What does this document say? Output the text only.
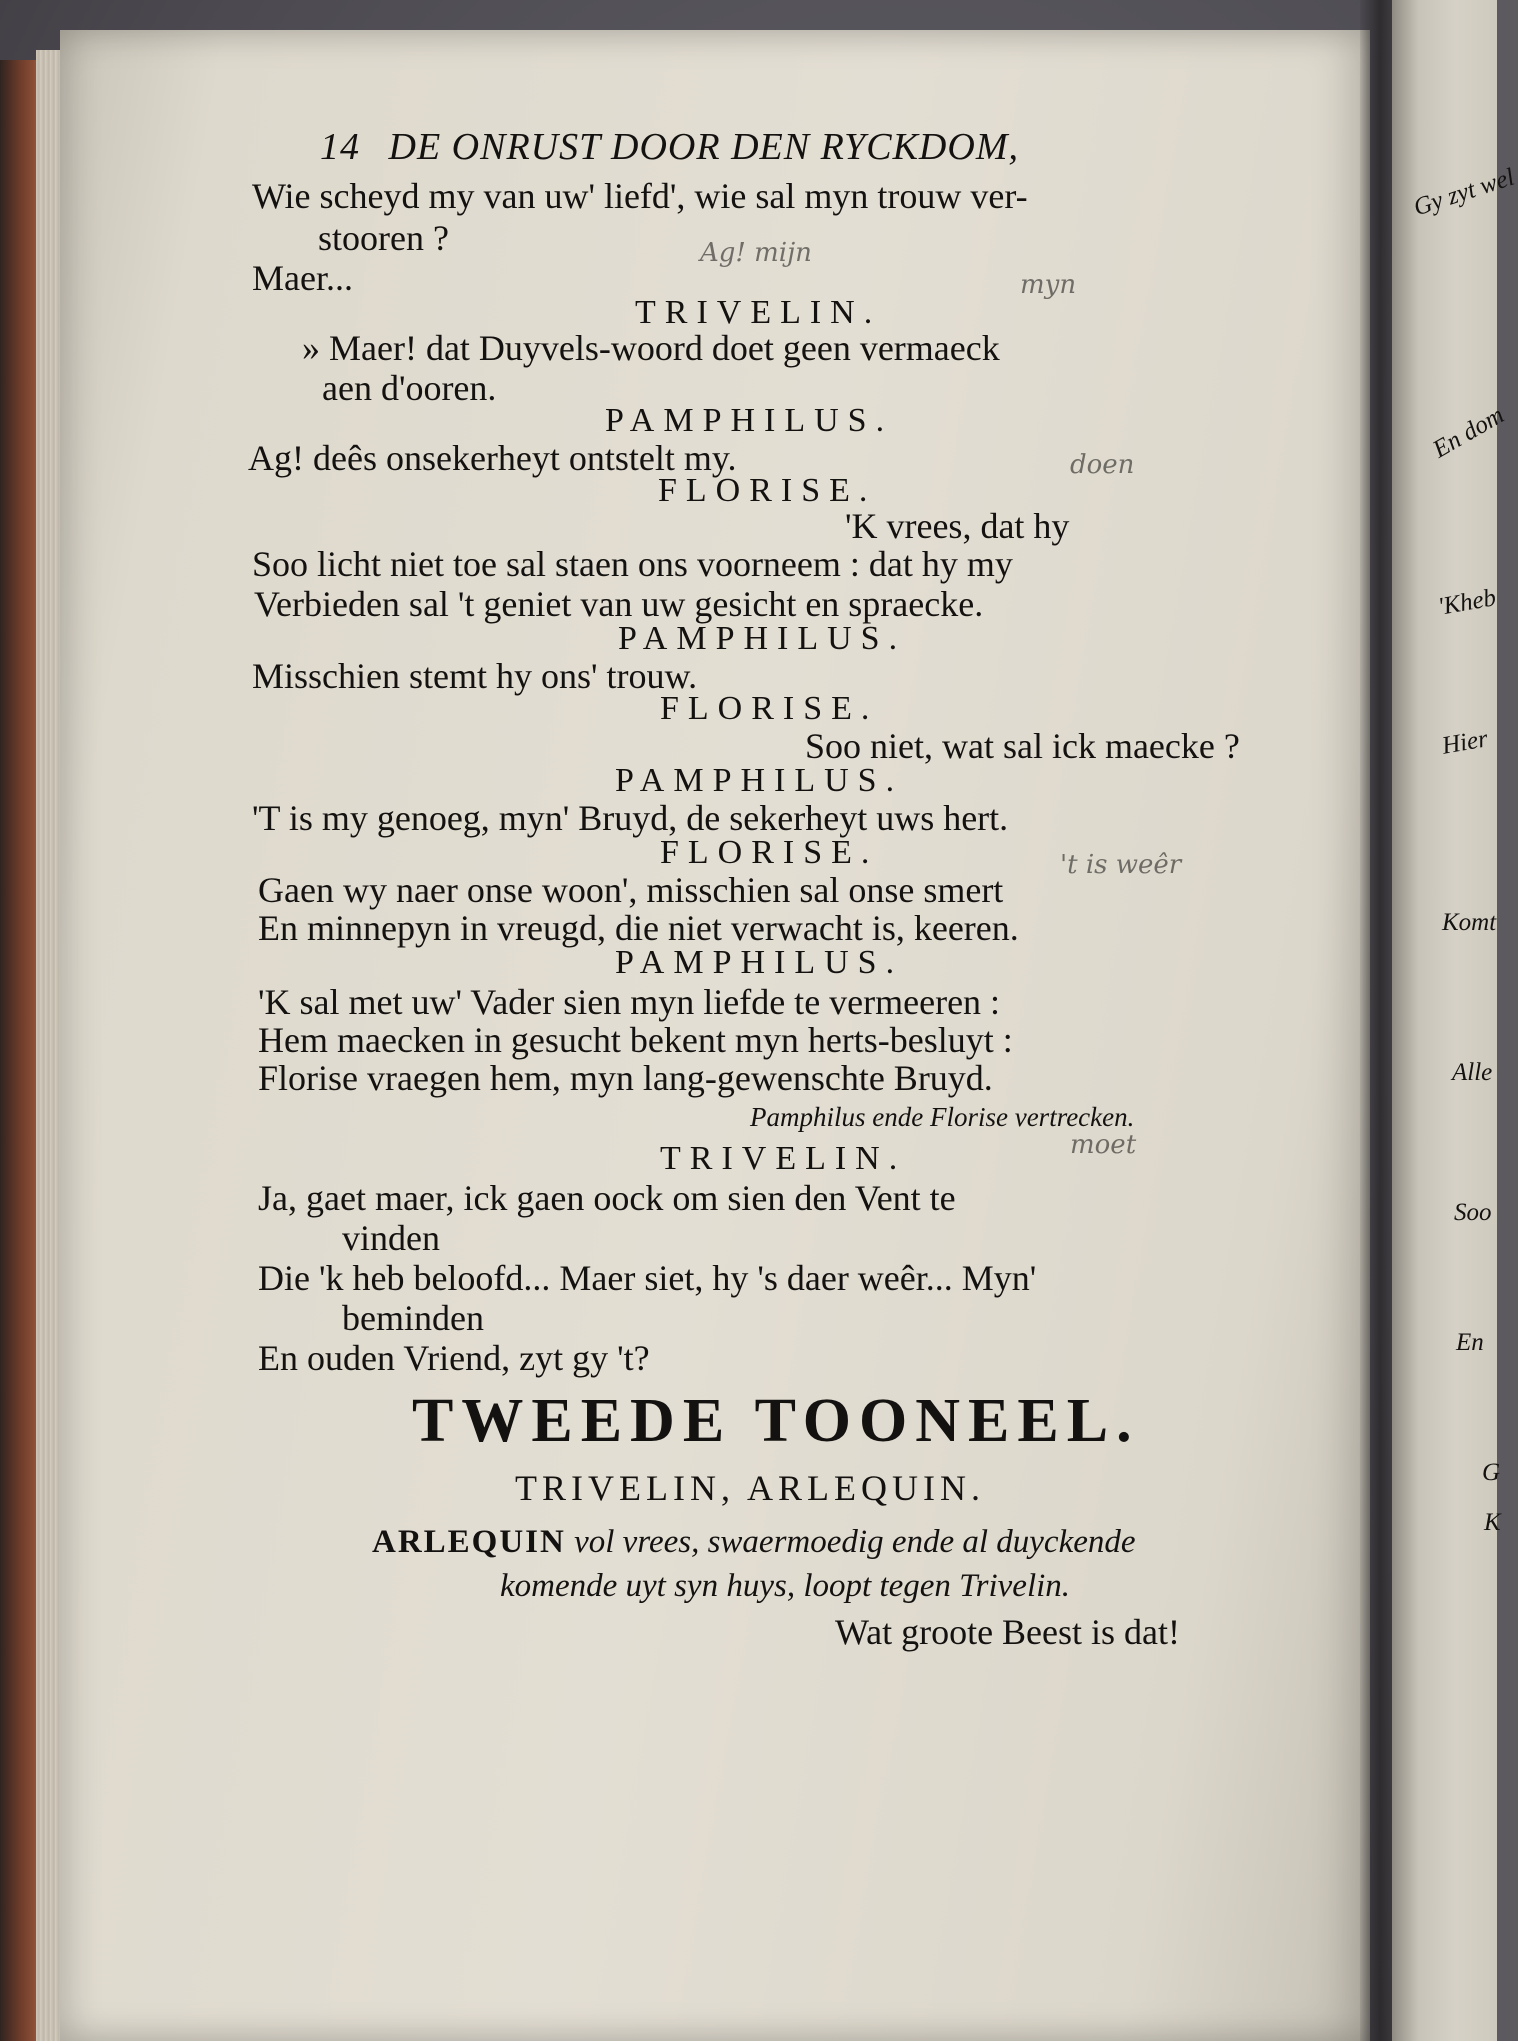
Ag! mijn
myn
doen
't is weêr
moet
14 DE ONRUST DOOR DEN RYCKDOM,
Wie scheyd my van uw' liefd', wie sal myn trouw ver-
stooren ?
Maer...
TRIVELIN.
» Maer! dat Duyvels-woord doet geen vermaeck
aen d'ooren.
PAMPHILUS.
Ag! deês onsekerheyt ontstelt my.
FLORISE.
'K vrees, dat hy
Soo licht niet toe sal staen ons voorneem : dat hy my
Verbieden sal 't geniet van uw gesicht en spraecke.
PAMPHILUS.
Misschien stemt hy ons' trouw.
FLORISE.
Soo niet, wat sal ick maecke ?
PAMPHILUS.
'T is my genoeg, myn' Bruyd, de sekerheyt uws hert.
FLORISE.
Gaen wy naer onse woon', misschien sal onse smert
En minnepyn in vreugd, die niet verwacht is, keeren.
PAMPHILUS.
'K sal met uw' Vader sien myn liefde te vermeeren :
Hem maecken in gesucht bekent myn herts-besluyt :
Florise vraegen hem, myn lang-gewenschte Bruyd.
Pamphilus ende Florise vertrecken.
TRIVELIN.
Ja, gaet maer, ick gaen oock om sien den Vent te
vinden
Die 'k heb beloofd... Maer siet, hy 's daer weêr... Myn'
beminden
En ouden Vriend, zyt gy 't?
TWEEDE TOONEEL.
TRIVELIN, ARLEQUIN.
ARLEQUIN vol vrees, swaermoedig ende al duyckende
komende uyt syn huys, loopt tegen Trivelin.
Wat groote Beest is dat!
Gy zyt wel
En dom
'Kheb
Hier
Komt
Alle
Soo
En
G
K
